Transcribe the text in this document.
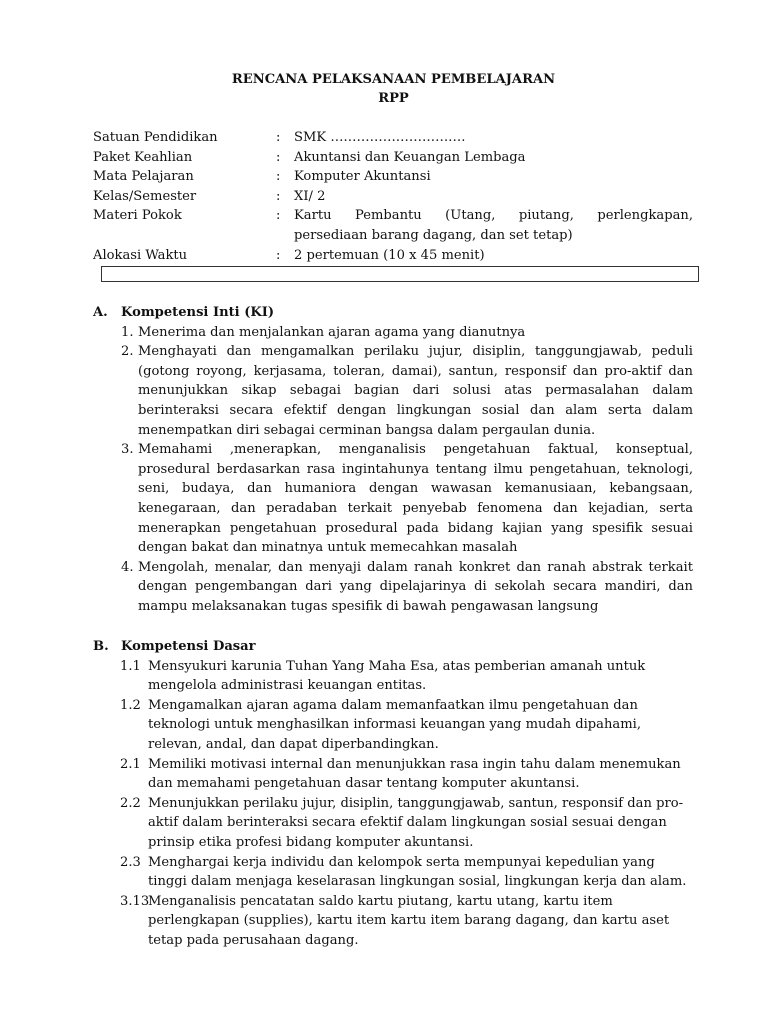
RENCANA PELAKSANAAN PEMBELAJARAN
RPP
Satuan Pendidikan	:	SMK ………………………….
Paket Keahlian	:	Akuntansi dan Keuangan Lembaga
Mata Pelajaran	:	Komputer Akuntansi
Kelas/Semester	:	XI/ 2
Materi Pokok	:	Kartu Pembantu (Utang, piutang, perlengkapan, persediaan barang dagang, dan set tetap)
Alokasi Waktu	:	2 pertemuan (10 x 45 menit)
A.	Kompetensi Inti (KI)
1. Menerima dan menjalankan ajaran agama yang dianutnya
2. Menghayati dan mengamalkan perilaku jujur, disiplin, tanggungjawab, peduli (gotong royong, kerjasama, toleran, damai), santun, responsif dan pro-aktif dan menunjukkan sikap sebagai bagian dari solusi atas permasalahan dalam berinteraksi secara efektif dengan lingkungan sosial dan alam serta dalam menempatkan diri sebagai cerminan bangsa dalam pergaulan dunia.
3. Memahami ,menerapkan, menganalisis pengetahuan faktual, konseptual, prosedural berdasarkan rasa ingintahunya tentang ilmu pengetahuan, teknologi, seni, budaya, dan humaniora dengan wawasan kemanusiaan, kebangsaan, kenegaraan, dan peradaban terkait penyebab fenomena dan kejadian, serta menerapkan pengetahuan prosedural pada bidang kajian yang spesifik sesuai dengan bakat dan minatnya untuk memecahkan masalah
4. Mengolah, menalar, dan menyaji dalam ranah konkret dan ranah abstrak terkait dengan pengembangan dari yang dipelajarinya di sekolah secara mandiri, dan mampu melaksanakan tugas spesifik di bawah pengawasan langsung
B. Kompetensi Dasar
1.1 Mensyukuri karunia Tuhan Yang Maha Esa, atas pemberian amanah untuk mengelola administrasi keuangan entitas.
1.2 Mengamalkan ajaran agama dalam memanfaatkan ilmu pengetahuan dan teknologi untuk menghasilkan informasi keuangan yang mudah dipahami, relevan, andal, dan dapat diperbandingkan.
2.1 Memiliki motivasi internal dan menunjukkan rasa ingin tahu dalam menemukan dan memahami pengetahuan dasar tentang komputer akuntansi.
2.2 Menunjukkan perilaku jujur, disiplin, tanggungjawab, santun, responsif dan pro-aktif dalam berinteraksi secara efektif dalam lingkungan sosial sesuai dengan prinsip etika profesi bidang komputer akuntansi.
2.3 Menghargai kerja individu dan kelompok serta mempunyai kepedulian yang tinggi dalam menjaga keselarasan lingkungan sosial, lingkungan kerja dan alam.
3.13
Menganalisis pencatatan saldo kartu piutang, kartu utang, kartu item perlengkapan (supplies), kartu item kartu item barang dagang, dan kartu aset tetap pada perusahaan dagang.
